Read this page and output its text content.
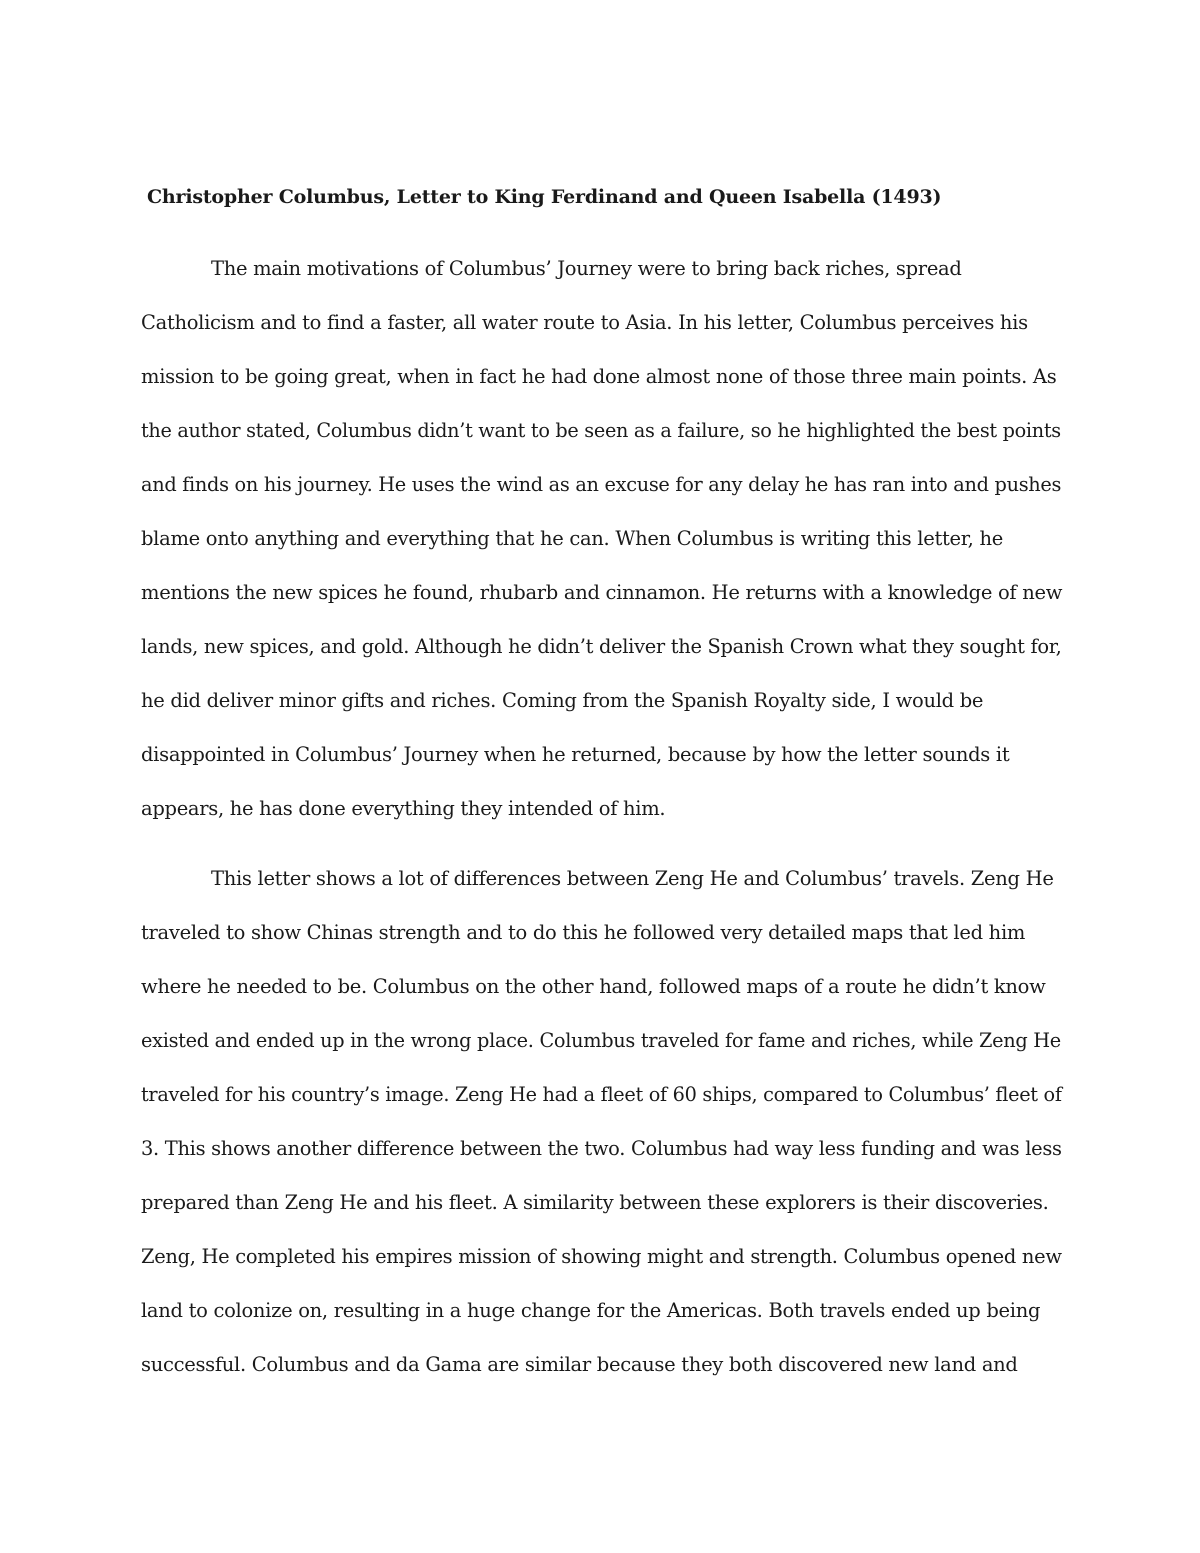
Christopher Columbus, Letter to King Ferdinand and Queen Isabella (1493)

The main motivations of Columbus’ Journey were to bring back riches, spread

Catholicism and to find a faster, all water route to Asia. In his letter, Columbus perceives his

mission to be going great, when in fact he had done almost none of those three main points. As

the author stated, Columbus didn’t want to be seen as a failure, so he highlighted the best points

and finds on his journey. He uses the wind as an excuse for any delay he has ran into and pushes

blame onto anything and everything that he can. When Columbus is writing this letter, he

mentions the new spices he found, rhubarb and cinnamon. He returns with a knowledge of new

lands, new spices, and gold. Although he didn’t deliver the Spanish Crown what they sought for,

he did deliver minor gifts and riches. Coming from the Spanish Royalty side, I would be

disappointed in Columbus’ Journey when he returned, because by how the letter sounds it

appears, he has done everything they intended of him.

This letter shows a lot of differences between Zeng He and Columbus’ travels. Zeng He

traveled to show Chinas strength and to do this he followed very detailed maps that led him

where he needed to be. Columbus on the other hand, followed maps of a route he didn’t know

existed and ended up in the wrong place. Columbus traveled for fame and riches, while Zeng He

traveled for his country’s image. Zeng He had a fleet of 60 ships, compared to Columbus’ fleet of

3. This shows another difference between the two. Columbus had way less funding and was less

prepared than Zeng He and his fleet. A similarity between these explorers is their discoveries.

Zeng, He completed his empires mission of showing might and strength. Columbus opened new

land to colonize on, resulting in a huge change for the Americas. Both travels ended up being

successful. Columbus and da Gama are similar because they both discovered new land and
